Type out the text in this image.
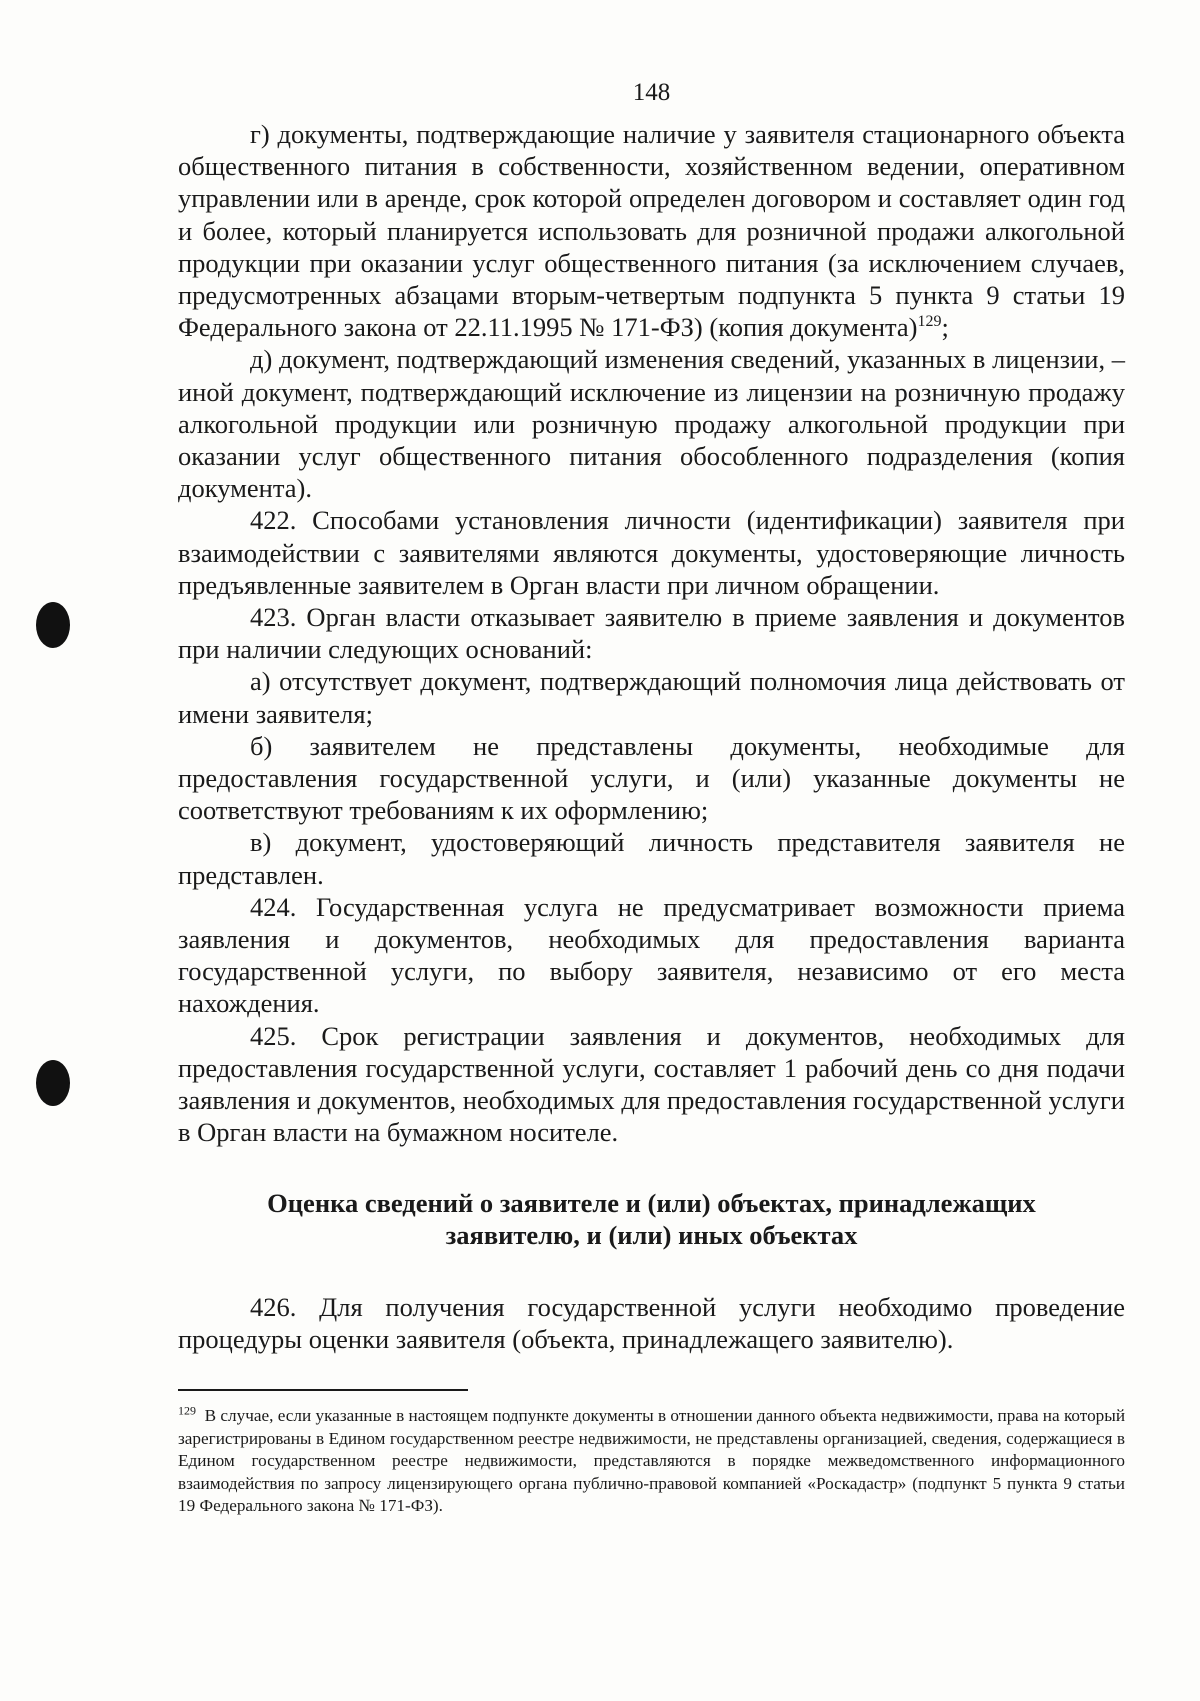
148

г) документы, подтверждающие наличие у заявителя стационарного объекта общественного питания в собственности, хозяйственном ведении, оперативном управлении или в аренде, срок которой определен договором и составляет один год и более, который планируется использовать для розничной продажи алкогольной продукции при оказании услуг общественного питания (за исключением случаев, предусмотренных абзацами вторым-четвертым подпункта 5 пункта 9 статьи 19 Федерального закона от 22.11.1995 № 171-ФЗ) (копия документа)$^{129}$;

д) документ, подтверждающий изменения сведений, указанных в лицензии, – иной документ, подтверждающий исключение из лицензии на розничную продажу алкогольной продукции или розничную продажу алкогольной продукции при оказании услуг общественного питания обособленного подразделения (копия документа).

422. Способами установления личности (идентификации) заявителя при взаимодействии с заявителями являются документы, удостоверяющие личность предъявленные заявителем в Орган власти при личном обращении.

423. Орган власти отказывает заявителю в приеме заявления и документов при наличии следующих оснований:

а) отсутствует документ, подтверждающий полномочия лица действовать от имени заявителя;

б) заявителем не представлены документы, необходимые для предоставления государственной услуги, и (или) указанные документы не соответствуют требованиям к их оформлению;

в) документ, удостоверяющий личность представителя заявителя не представлен.

424. Государственная услуга не предусматривает возможности приема заявления и документов, необходимых для предоставления варианта государственной услуги, по выбору заявителя, независимо от его места нахождения.

425. Срок регистрации заявления и документов, необходимых для предоставления государственной услуги, составляет 1 рабочий день со дня подачи заявления и документов, необходимых для предоставления государственной услуги в Орган власти на бумажном носителе.

Оценка сведений о заявителе и (или) объектах, принадлежащих
заявителю, и (или) иных объектах

426. Для получения государственной услуги необходимо проведение процедуры оценки заявителя (объекта, принадлежащего заявителю).

$^{129}$ В случае, если указанные в настоящем подпункте документы в отношении данного объекта недвижимости, права на который зарегистрированы в Едином государственном реестре недвижимости, не представлены организацией, сведения, содержащиеся в Едином государственном реестре недвижимости, представляются в порядке межведомственного информационного взаимодействия по запросу лицензирующего органа публично-правовой компанией «Роскадастр» (подпункт 5 пункта 9 статьи 19 Федерального закона № 171-ФЗ).
